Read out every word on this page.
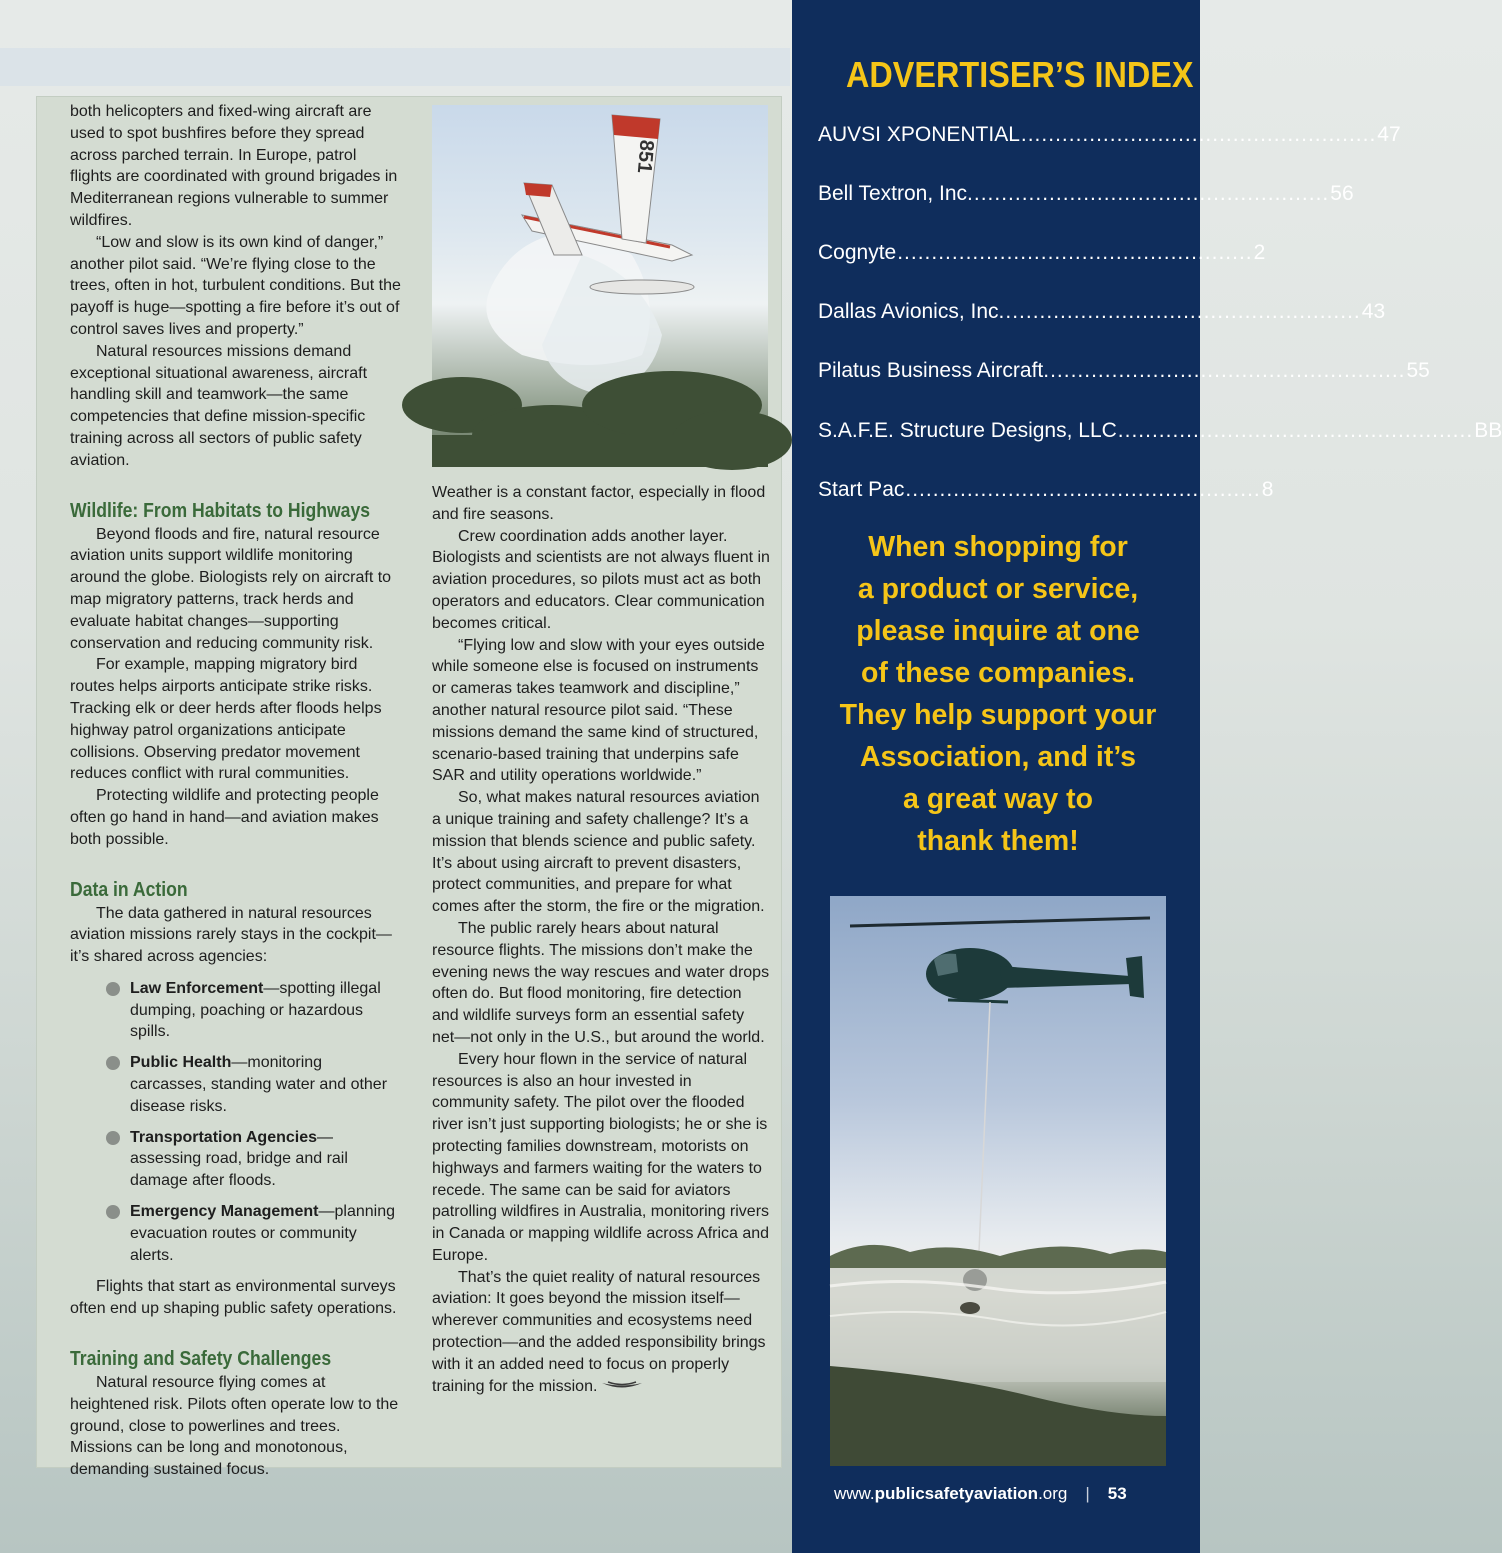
both helicopters and fixed-wing aircraft are used to spot bushfires before they spread across parched terrain. In Europe, patrol flights are coordinated with ground brigades in Mediterranean regions vulnerable to summer wildfires.

“Low and slow is its own kind of danger,” another pilot said. “We’re flying close to the trees, often in hot, turbulent conditions. But the payoff is huge—spotting a fire before it’s out of control saves lives and property.”

Natural resources missions demand exceptional situational awareness, aircraft handling skill and teamwork—the same competencies that define mission-specific training across all sectors of public safety aviation.

Wildlife: From Habitats to Highways

Beyond floods and fire, natural resource aviation units support wildlife monitoring around the globe. Biologists rely on aircraft to map migratory patterns, track herds and evaluate habitat changes—supporting conservation and reducing community risk.

For example, mapping migratory bird routes helps airports anticipate strike risks. Tracking elk or deer herds after floods helps highway patrol organizations anticipate collisions. Observing predator movement reduces conflict with rural communities.

Protecting wildlife and protecting people often go hand in hand—and aviation makes both possible.

Data in Action

The data gathered in natural resources aviation missions rarely stays in the cockpit—it’s shared across agencies:

Law Enforcement—spotting illegal dumping, poaching or hazardous spills.
Public Health—monitoring carcasses, standing water and other disease risks.
Transportation Agencies—assessing road, bridge and rail damage after floods.
Emergency Management—planning evacuation routes or community alerts.

Flights that start as environmental surveys often end up shaping public safety operations.

Training and Safety Challenges

Natural resource flying comes at heightened risk. Pilots often operate low to the ground, close to powerlines and trees. Missions can be long and monotonous, demanding sustained focus.

851

Weather is a constant factor, especially in flood and fire seasons.

Crew coordination adds another layer. Biologists and scientists are not always fluent in aviation procedures, so pilots must act as both operators and educators. Clear communication becomes critical.

“Flying low and slow with your eyes outside while someone else is focused on instruments or cameras takes teamwork and discipline,” another natural resource pilot said. “These missions demand the same kind of structured, scenario-based training that underpins safe SAR and utility operations worldwide.”

So, what makes natural resources aviation a unique training and safety challenge? It’s a mission that blends science and public safety. It’s about using aircraft to prevent disasters, protect communities, and prepare for what comes after the storm, the fire or the migration.

The public rarely hears about natural resource flights. The missions don’t make the evening news the way rescues and water drops often do. But flood monitoring, fire detection and wildlife surveys form an essential safety net—not only in the U.S., but around the world.

Every hour flown in the service of natural resources is also an hour invested in community safety. The pilot over the flooded river isn’t just supporting biologists; he or she is protecting families downstream, motorists on highways and farmers waiting for the waters to recede. The same can be said for aviators patrolling wildfires in Australia, monitoring rivers in Canada or mapping wildlife across Africa and Europe.

That’s the quiet reality of natural resources aviation: It goes beyond the mission itself—wherever communities and ecosystems need protection—and the added responsibility brings with it an added need to focus on properly training for the mission.

ADVERTISER’S INDEX
AUVSI XPONENTIAL .................................................... 47
Bell Textron, Inc. .................................................... 56
Cognyte .................................................... 2
Dallas Avionics, Inc. .................................................... 43
Pilatus Business Aircraft. .................................................... 55
S.A.F.E. Structure Designs, LLC .................................................... BB
Start Pac .................................................... 8
When shopping for
a product or service,
please inquire at one
of these companies.
They help support your
Association, and it’s
a great way to
thank them!
www.publicsafetyaviation.org | 53
